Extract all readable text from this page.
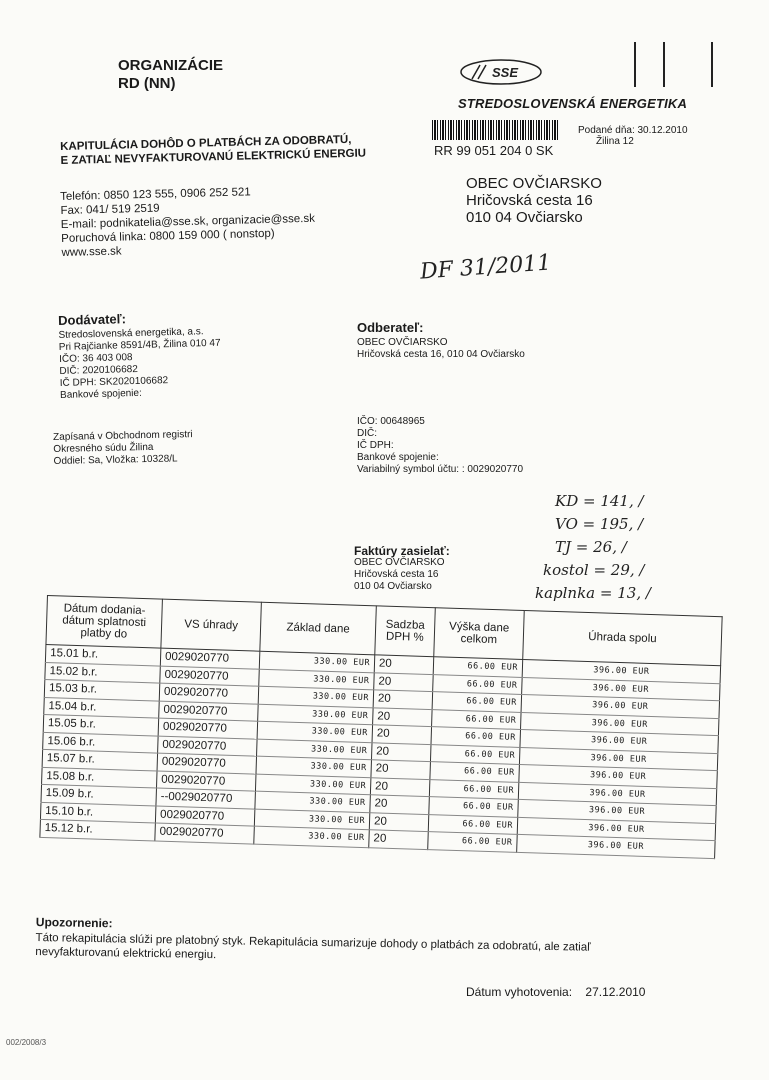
ORGANIZÁCIE
RD (NN)
SSE
STREDOSLOVENSKÁ ENERGETIKA
RR 99 051 204 0 SK
Podané dňa: 30.12.2010
Žilina 12
KAPITULÁCIA DOHÔD O PLATBÁCH ZA ODOBRATÚ,
E ZATIAĽ NEVYFAKTUROVANÚ ELEKTRICKÚ ENERGIU
OBEC OVČIARSKO
Hričovská cesta 16
010 04 Ovčiarsko
Telefón: 0850 123 555, 0906 252 521
Fax: 041/ 519 2519
E-mail: podnikatelia@sse.sk, organizacie@sse.sk
Poruchová linka: 0800 159 000 ( nonstop)
www.sse.sk	DF 31/2011
Dodávateľ:
Stredoslovenská energetika, a.s.
Pri Rajčianke 8591/4B, Žilina 010 47
IČO: 36 403 008
DIČ: 2020106682
IČ DPH: SK2020106682
Bankové spojenie:
Odberateľ:
OBEC OVČIARSKO
Hričovská cesta 16, 010 04 Ovčiarsko
IČO: 00648965
DIČ:
IČ DPH:
Bankové spojenie:
Variabilný symbol účtu: : 0029020770
Zapísaná v Obchodnom registri
Okresného súdu Žilina
Oddiel: Sa, Vložka: 10328/L
KD = 141, /
VO = 195, /
TJ = 26, /
kostol = 29, /
kaplnka = 13, /
Faktúry zasielať:
OBEC OVČIARSKO
Hričovská cesta 16
010 04 Ovčiarsko
Dátum dodania-dátum splatnosti platby do	VS úhrady	Základ dane	Sadzba DPH %	Výška dane celkom	Úhrada spolu
15.01 b.r.	0029020770	330.00 EUR	20	66.00 EUR	396.00 EUR
15.02 b.r.	0029020770	330.00 EUR	20	66.00 EUR	396.00 EUR
15.03 b.r.	0029020770	330.00 EUR	20	66.00 EUR	396.00 EUR
15.04 b.r.	0029020770	330.00 EUR	20	66.00 EUR	396.00 EUR
15.05 b.r.	0029020770	330.00 EUR	20	66.00 EUR	396.00 EUR
15.06 b.r.	0029020770	330.00 EUR	20	66.00 EUR	396.00 EUR
15.07 b.r.	0029020770	330.00 EUR	20	66.00 EUR	396.00 EUR
15.08 b.r.	0029020770	330.00 EUR	20	66.00 EUR	396.00 EUR
15.09 b.r.	--0029020770	330.00 EUR	20	66.00 EUR	396.00 EUR
15.10 b.r.	0029020770	330.00 EUR	20	66.00 EUR	396.00 EUR
15.12 b.r.	0029020770	330.00 EUR	20	66.00 EUR	396.00 EUR
Upozornenie:
Táto rekapitulácia slúži pre platobný styk. Rekapitulácia sumarizuje dohody o platbách za odobratú, ale zatiaľ nevyfakturovanú elektrickú energiu.
Dátum vyhotovenia: 27.12.2010
002/2008/3
